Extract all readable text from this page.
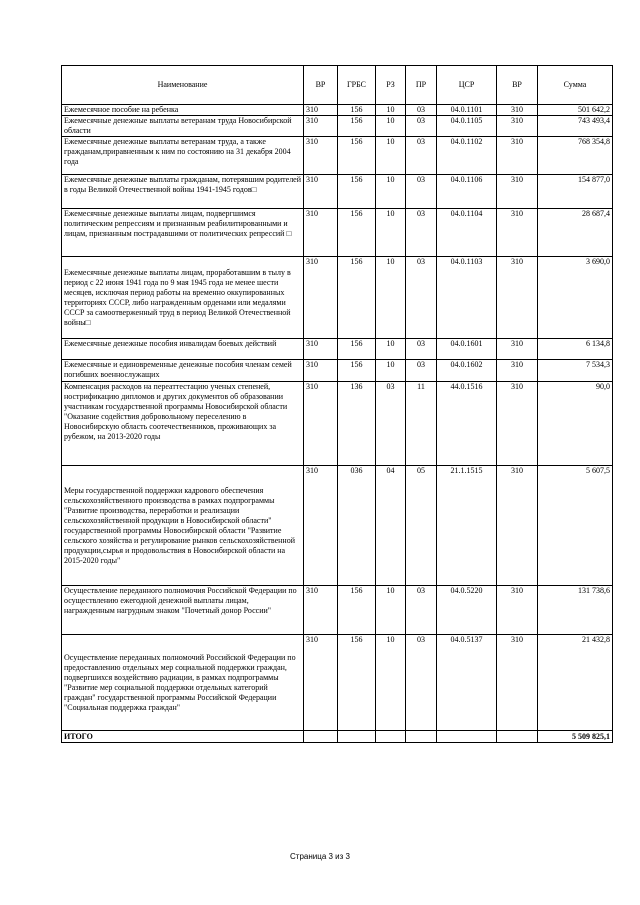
Наименование	ВР	ГРБС	РЗ	ПР	ЦСР	ВР	Сумма
Ежемесячное пособие на ребенка	310	156	10	03	04.0.1101	310	501 642,2
Ежемесячные денежные выплаты ветеранам труда Новосибирской области	310	156	10	03	04.0.1105	310	743 493,4
Ежемесячные денежные выплаты ветеранам труда, а также гражданам,приравненным к ним по состоянию на 31 декабря 2004 года	310	156	10	03	04.0.1102	310	768 354,8
Ежемесячные денежные выплаты гражданам, потерявшим родителей в годы Великой Отечественной войны 1941-1945 годов□	310	156	10	03	04.0.1106	310	154 877,0
Ежемесячные денежные выплаты лицам, подвергшимся политическим репрессиям и признанным реабилитированными и лицам, признанным пострадавшими от политических репрессий □	310	156	10	03	04.0.1104	310	28 687,4
Ежемесячные денежные выплаты лицам, проработавшим в тылу в период с 22 июня 1941 года по 9 мая 1945 года не менее шести месяцев, исключая период работы на временно оккупированных территориях СССР, либо награжденным орденами или медалями СССР за самоотверженный труд в период Великой Отечественной войны□	310	156	10	03	04.0.1103	310	3 690,0
Ежемесячные денежные пособия инвалидам боевых действий	310	156	10	03	04.0.1601	310	6 134,8
Ежемесячные и единовременные денежные пособия членам семей погибших военнослужащих	310	156	10	03	04.0.1602	310	7 534,3
Компенсация расходов на переаттестацию ученых степеней, нострификацию дипломов и других документов об образовании участникам государственной программы Новосибирской области "Оказание содействия добровольному переселению в Новосибирскую область соотечественников, проживающих за рубежом, на 2013-2020 годы	310	136	03	11	44.0.1516	310	90,0
Меры государственной поддержки кадрового обеспечения сельскохозяйственного производства в рамках подпрограммы "Развитие производства, переработки и реализации сельскохозяйственной продукции в Новосибирской области" государственной программы Новосибирской области "Развитие сельского хозяйства и регулирование рынков сельскохозяйственной продукции,сырья и продовольствия в Новосибирской области на 2015-2020 годы"	310	036	04	05	21.1.1515	310	5 607,5
Осуществление переданного полномочия Российской Федерации по осуществлению ежегодной денежной выплаты лицам, награжденным нагрудным знаком "Почетный донор России"	310	156	10	03	04.0.5220	310	131 738,6
Осуществление переданных полномочий Российской Федерации по предоставлению отдельных мер социальной поддержки граждан, подвергшихся воздействию радиации, в рамках подпрограммы "Развитие мер социальной поддержки отдельных категорий граждан" государственной программы Российской Федерации "Социальная поддержка граждан"	310	156	10	03	04.0.5137	310	21 432,8
ИТОГО							5 509 825,1
Страница 3 из 3
